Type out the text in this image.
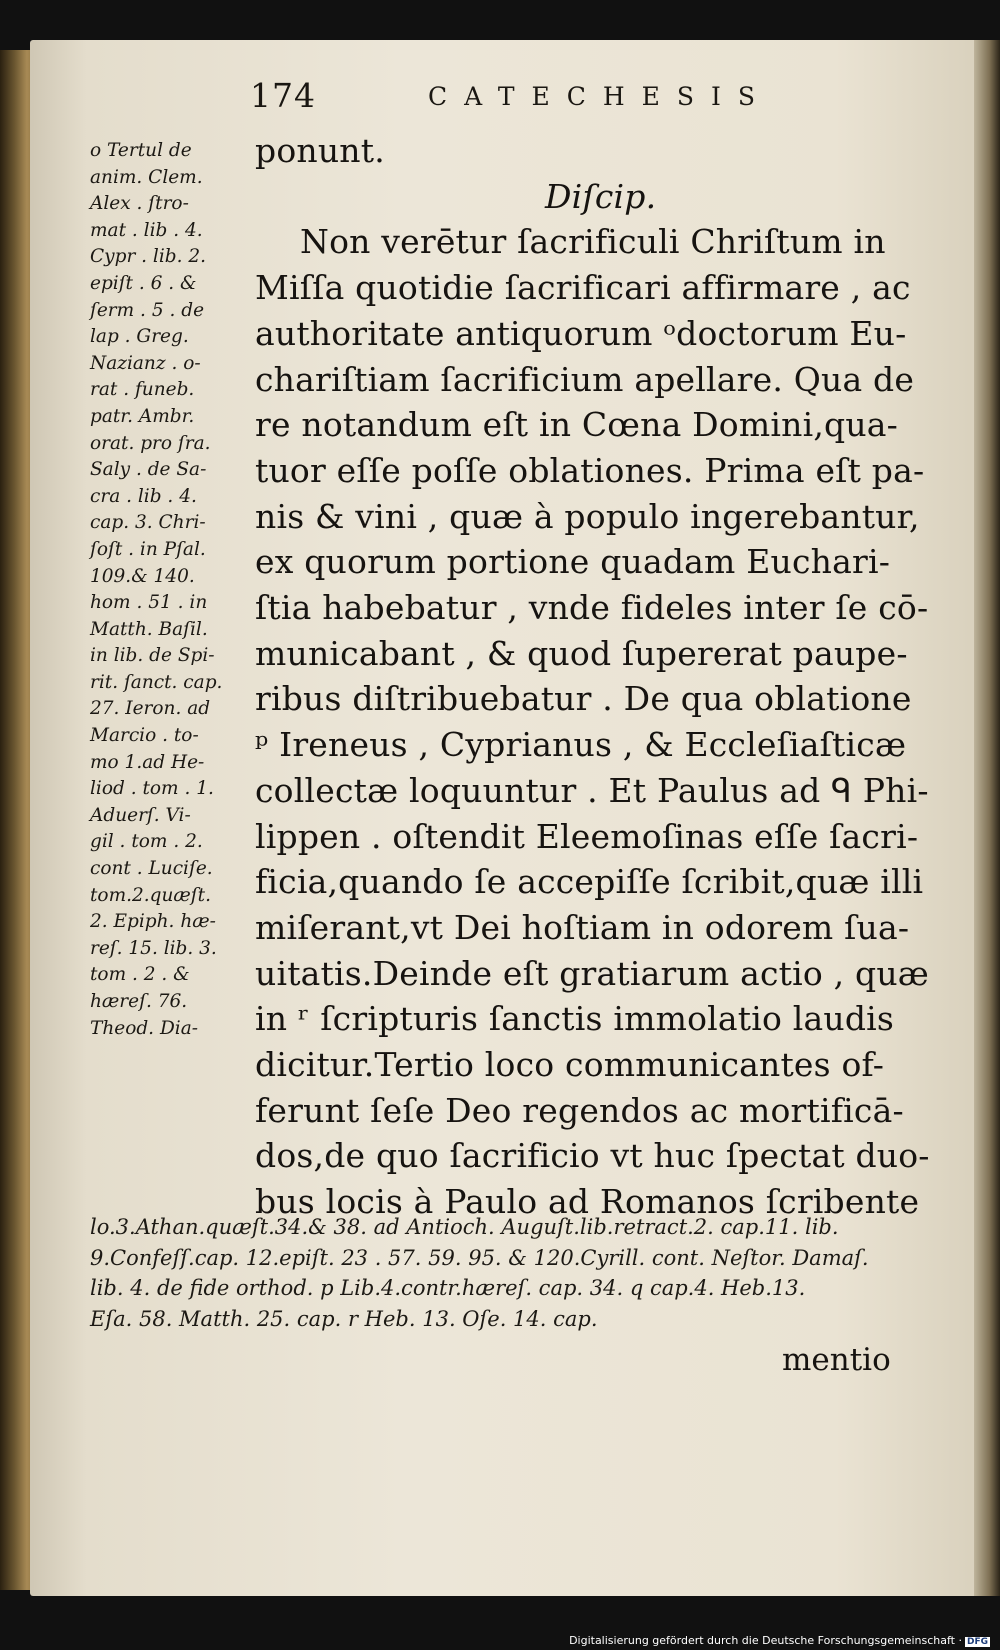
174	CATECHESIS
o Tertul de
anim. Clem.
Alex . ſtro-
mat . lib . 4.
Cypr . lib. 2.
epiſt . 6 . &
ſerm . 5 . de
lap . Greg.
Nazianz . o-
rat . funeb.
patr. Ambr.
orat. pro ſra.
Saly . de Sa-
cra . lib . 4.
cap. 3. Chri-
ſoſt . in Pſal.
109.& 140.
hom . 51 . in
Matth. Baſil.
in lib. de Spi-
rit. ſanct. cap.
27. Ieron. ad
Marcio . to-
mo 1.ad He-
liod . tom . 1.
Aduerſ. Vi-
gil . tom . 2.
cont . Luciſe.
tom.2.quæſt.
2. Epiph. hæ-
reſ. 15. lib. 3.
tom . 2 . &
hæreſ. 76.
Theod. Dia-
ponunt.
Diſcip.
Non verētur ſacrificuli Chriſtum in
Miſſa quotidie ſacrificari affirmare , ac
authoritate antiquorum ᵒdoctorum Eu-
chariſtiam ſacrificium apellare. Qua de
re notandum eſt in Cœna Domini,qua-
tuor eſſe poſſe oblationes. Prima eſt pa-
nis & vini , quæ à populo ingerebantur,
ex quorum portione quadam Euchari-
ſtia habebatur , vnde fideles inter ſe cō-
municabant , & quod ſupererat paupe-
ribus diſtribuebatur . De qua oblatione
ᵖ Ireneus , Cyprianus , & Eccleſiaſticæ
collectæ loquuntur . Et Paulus ad ᑫ Phi-
lippen . oſtendit Eleemoſinas eſſe ſacri-
ficia,quando ſe accepiſſe ſcribit,quæ illi
miſerant,vt Dei hoſtiam in odorem ſua-
uitatis.Deinde eſt gratiarum actio , quæ
in ʳ ſcripturis ſanctis immolatio laudis
dicitur.Tertio loco communicantes of-
ferunt ſeſe Deo regendos ac mortificā-
dos,de quo ſacrificio vt huc ſpectat duo-
bus locis à Paulo ad Romanos ſcribente
lo.3.Athan.quæſt.34.& 38. ad Antioch. Auguſt.lib.retract.2. cap.11. lib.
9.Confeſſ.cap. 12.epiſt. 23 . 57. 59. 95. & 120.Cyrill. cont. Neſtor. Damaſ.
lib. 4. de fide orthod. p Lib.4.contr.hæreſ. cap. 34. q cap.4. Heb.13.
Eſa. 58. Matth. 25. cap. r Heb. 13. Oſe. 14. cap.
mentio
Digitalisierung gefördert durch die Deutsche Forschungsgemeinschaft · DFG
